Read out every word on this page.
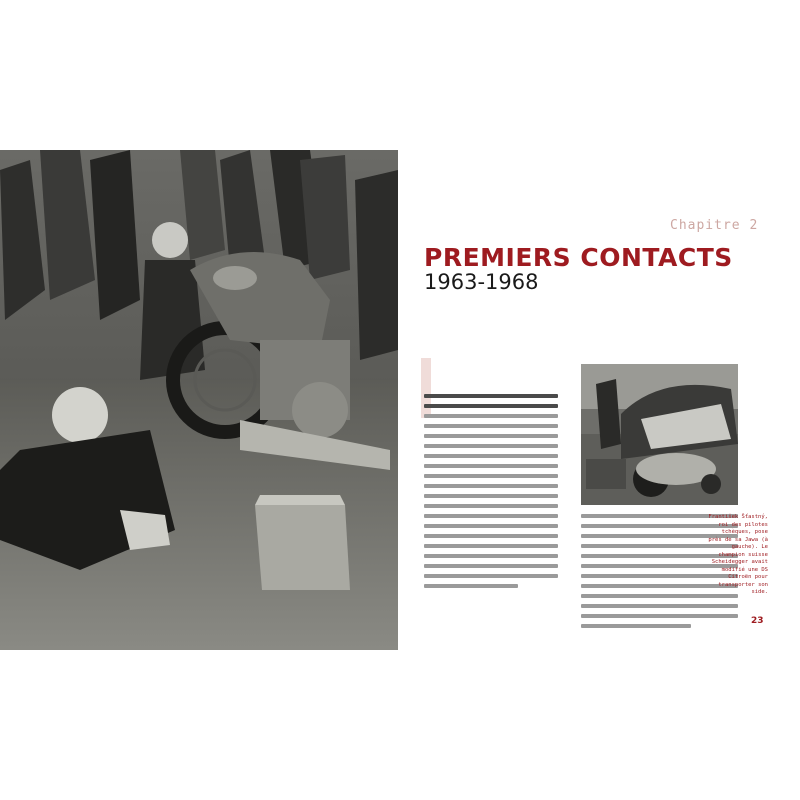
Chapitre 2
PREMIERS CONTACTS
1963-1968
František Šťastný, roi des pilotes tchèques, pose près de sa Jawa (à gauche). Le champion suisse Scheidegger avait modifié une DS Citroën pour transporter son side.
23
